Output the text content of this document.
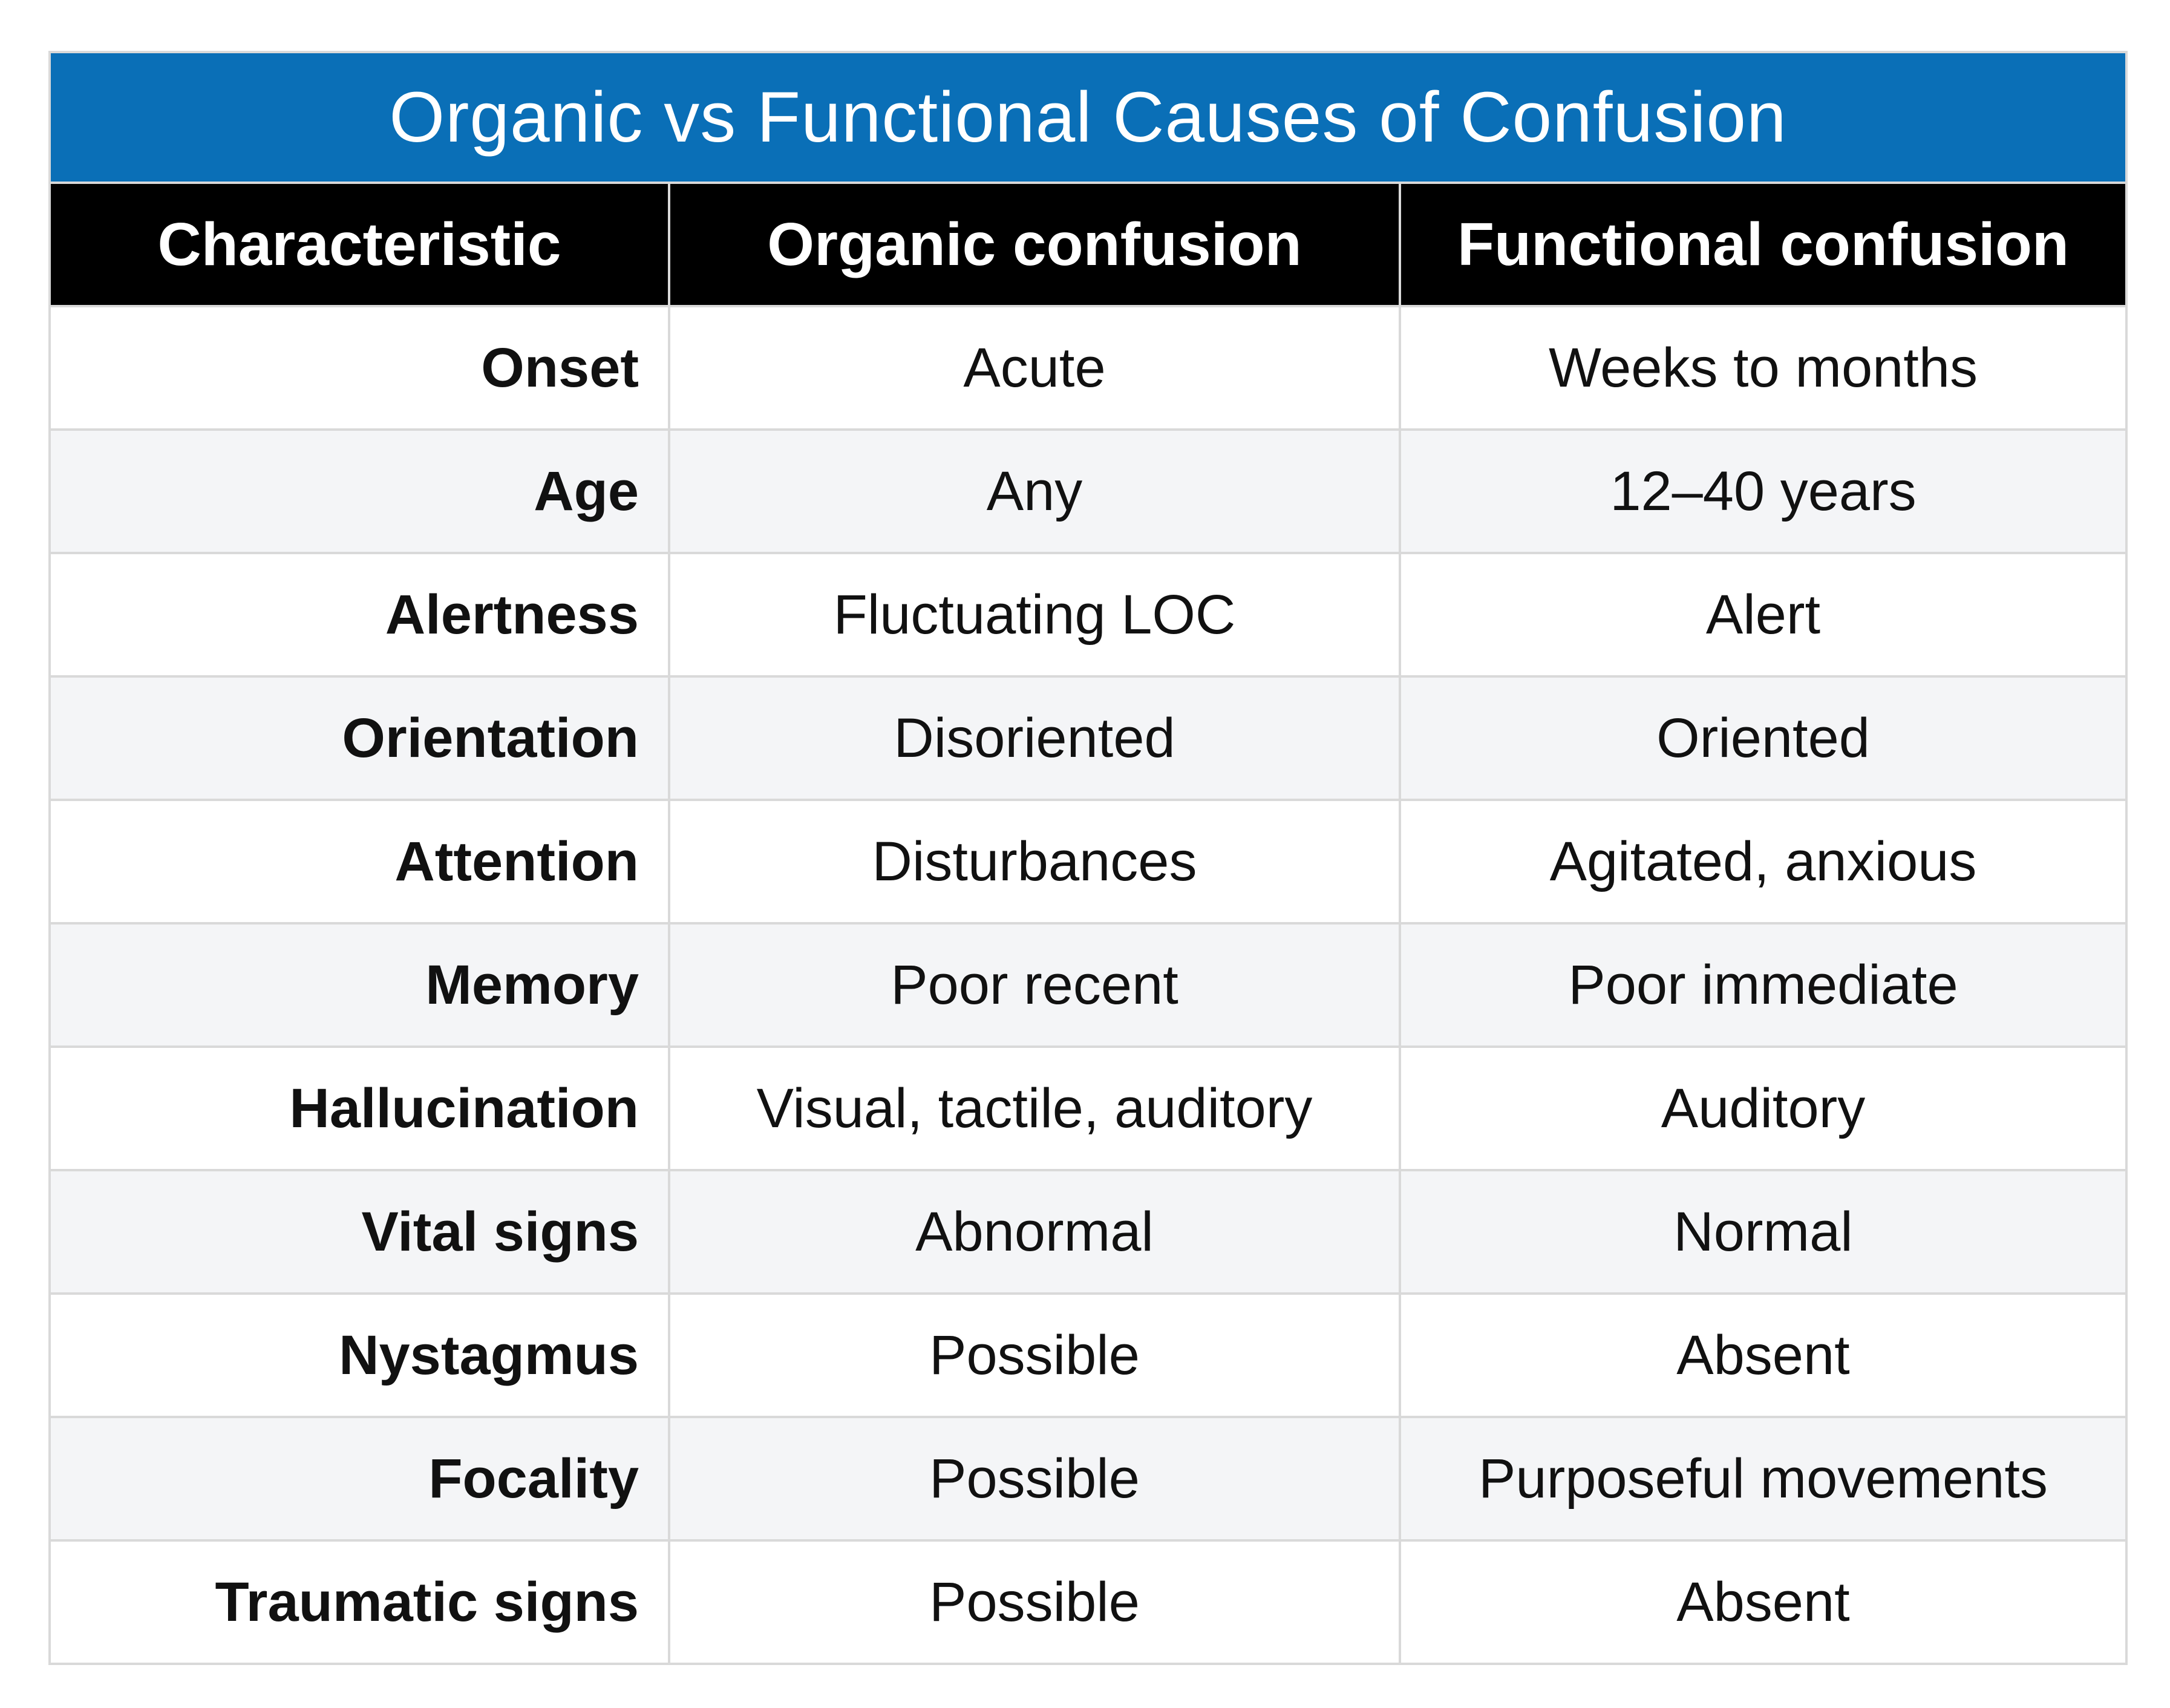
Organic vs Functional Causes of Confusion
Characteristic	Organic confusion	Functional confusion
Onset	Acute	Weeks to months
Age	Any	12–40 years
Alertness	Fluctuating LOC	Alert
Orientation	Disoriented	Oriented
Attention	Disturbances	Agitated, anxious
Memory	Poor recent	Poor immediate
Hallucination	Visual, tactile, auditory	Auditory
Vital signs	Abnormal	Normal
Nystagmus	Possible	Absent
Focality	Possible	Purposeful movements
Traumatic signs	Possible	Absent
